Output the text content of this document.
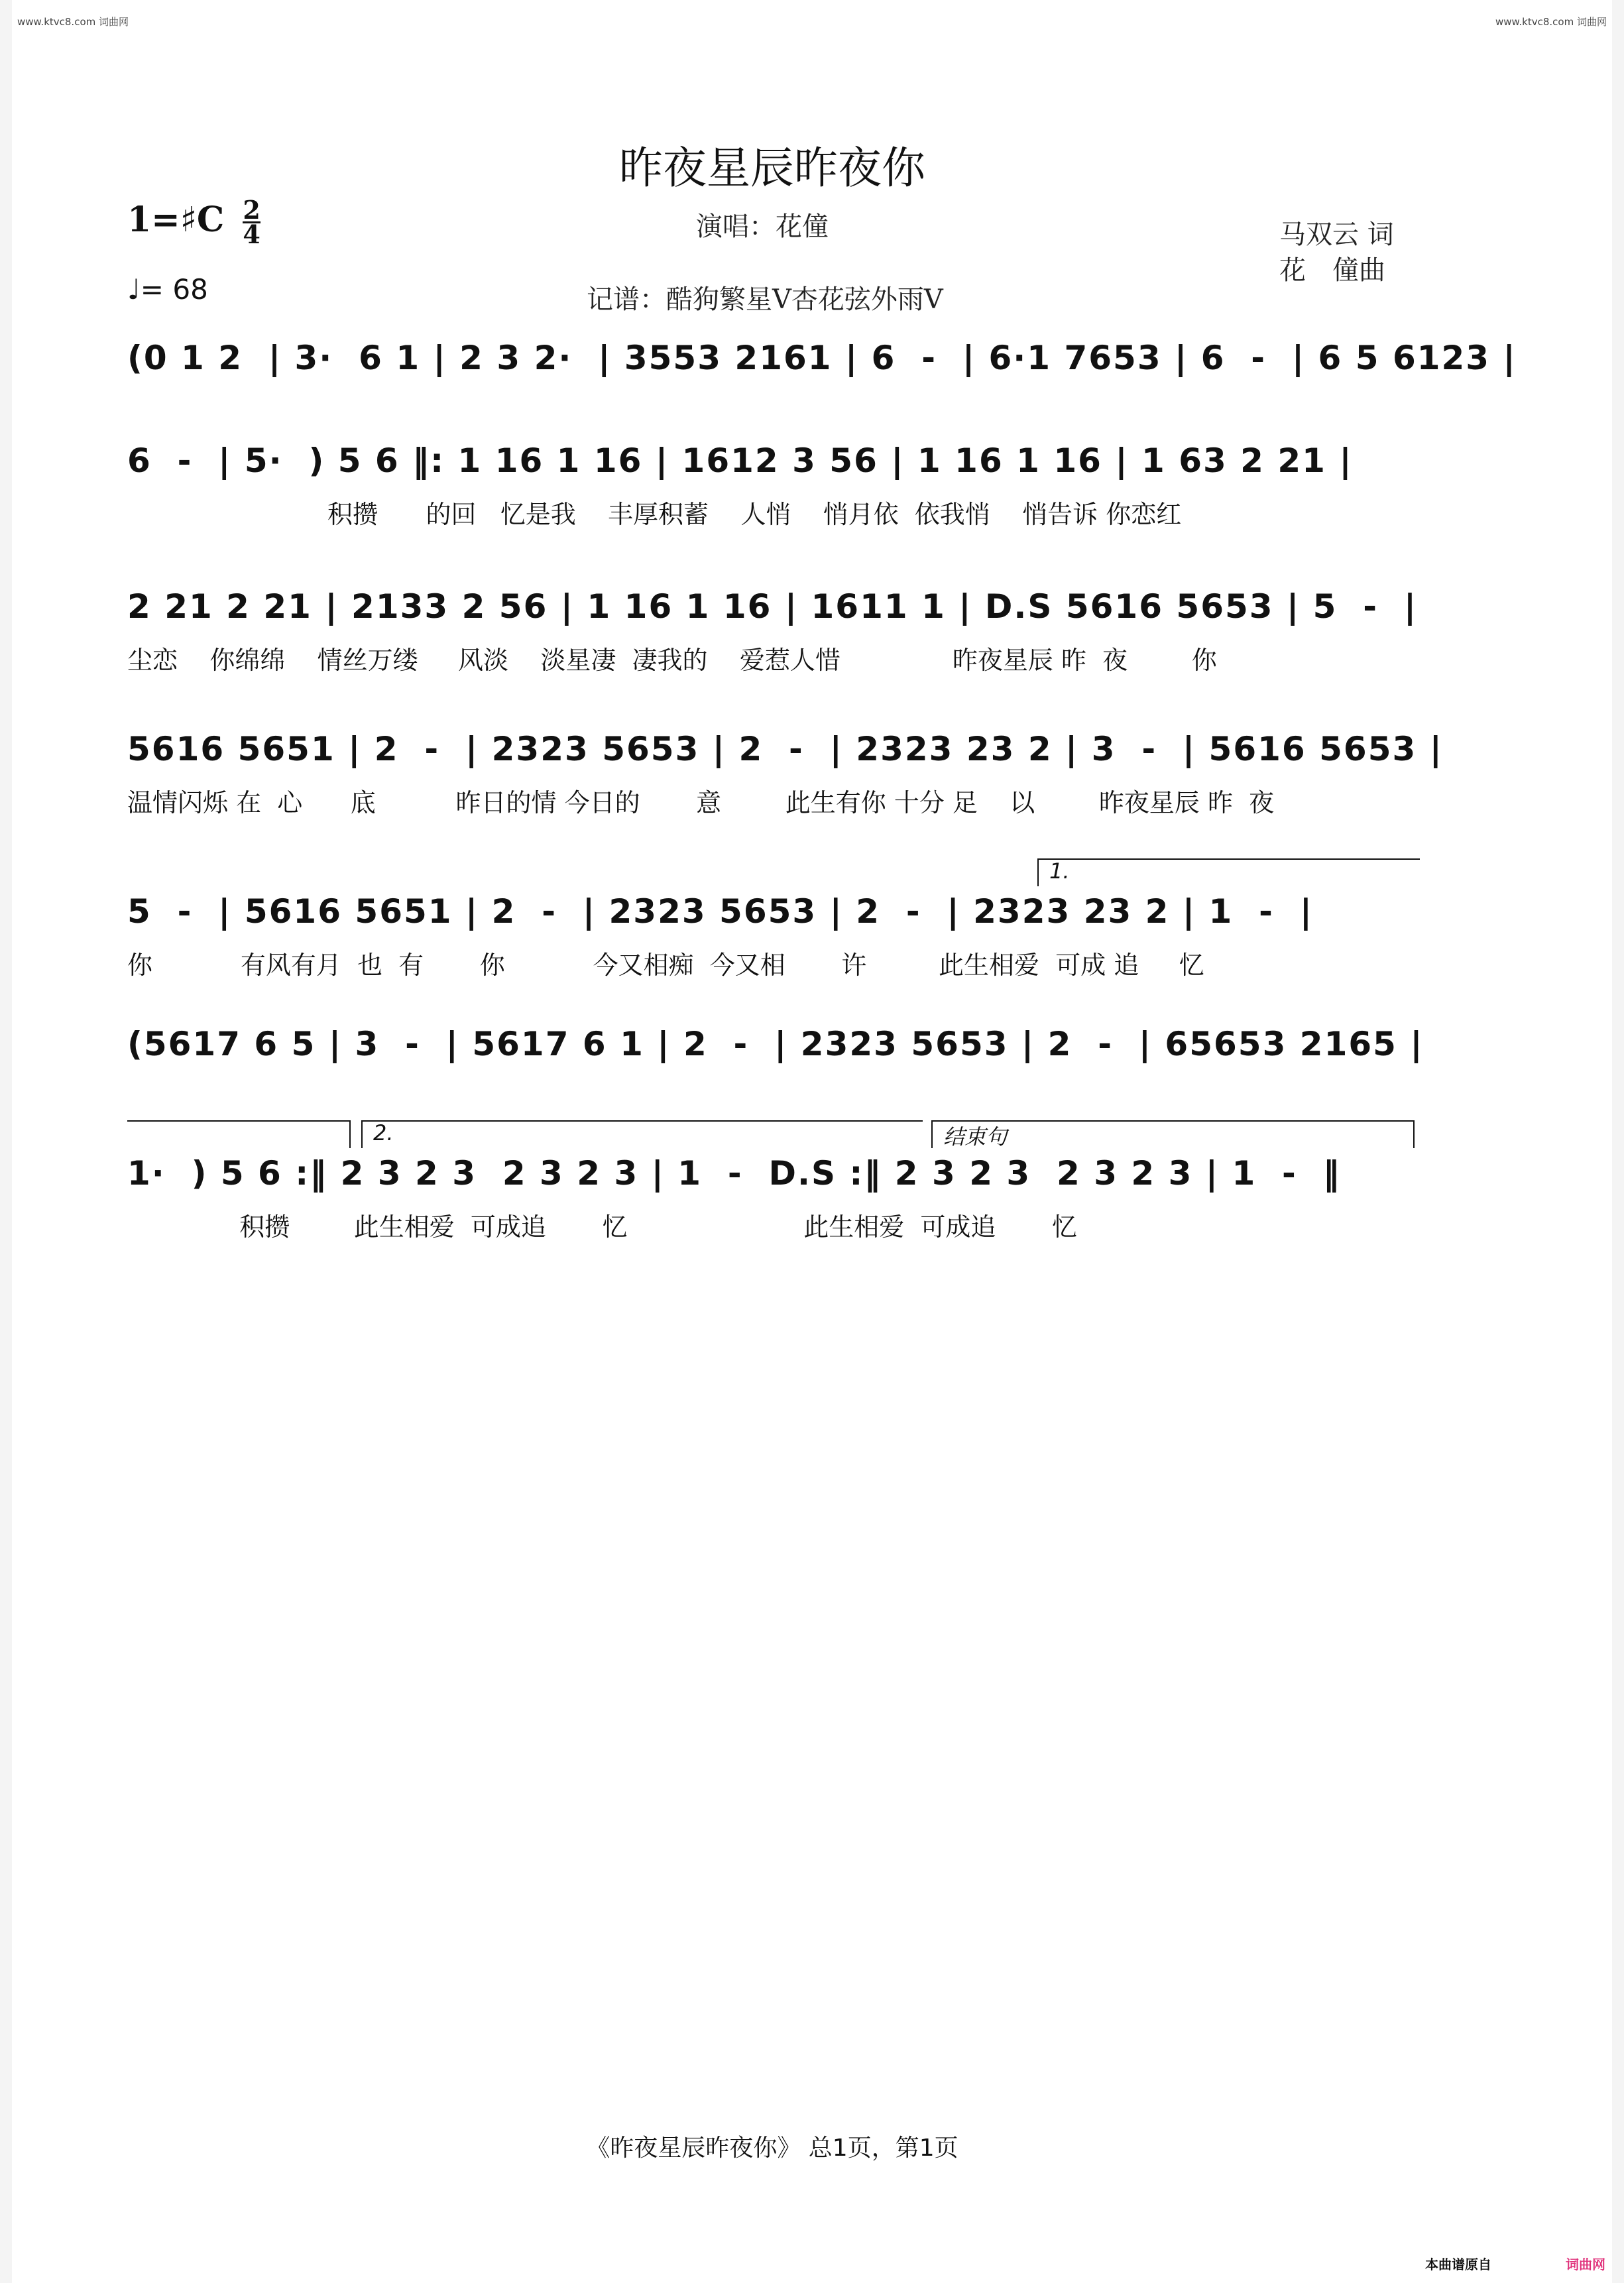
www.ktvc8.com 词曲网	www.ktvc8.com 词曲网
昨夜星辰昨夜你
1=♯C $\frac{2}{4}$
♩= 68
演唱：花僮
记谱：酷狗繁星V杏花弦外雨V
马双云 词
花　僮曲
(0 1 2  | 3·  6 1 | 2 3 2·  | 3553 2161 | 6  -  | 6·1 7653 | 6  -  | 6 5 6123 |
6  -  | 5·  ) 5 6 ‖: 1 16 1 16 | 1612 3 56 | 1 16 1 16 | 1 63 2 21 |
积攒      的回   忆是我    丰厚积蓄    人悄    悄月依  依我悄    悄告诉 你恋红
2 21 2 21 | 2133 2 56 | 1 16 1 16 | 1611 1 | D.S 5616 5653 | 5  -  |
尘恋    你绵绵    情丝万缕     风淡    淡星凄  凄我的    爱惹人惜              昨夜星辰 昨  夜        你
5616 5651 | 2  -  | 2323 5653 | 2  -  | 2323 23 2 | 3  -  | 5616 5653 |
温情闪烁 在  心      底          昨日的情 今日的       意        此生有你 十分 足    以        昨夜星辰 昨  夜
1.
5  -  | 5616 5651 | 2  -  | 2323 5653 | 2  -  | 2323 23 2 | 1  -  |
你           有风有月  也  有       你           今又相痴  今又相       许         此生相爱  可成 追     忆
(5617 6 5 | 3  -  | 5617 6 1 | 2  -  | 2323 5653 | 2  -  | 65653 2165 |
2.	结束句
1·  ) 5 6 :‖ 2 3 2 3  2 3 2 3 | 1  -  D.S :‖ 2 3 2 3  2 3 2 3 | 1  -  ‖
积攒        此生相爱  可成追       忆                      此生相爱  可成追       忆
《昨夜星辰昨夜你》 总1页，第1页
本曲谱原自	词曲网
